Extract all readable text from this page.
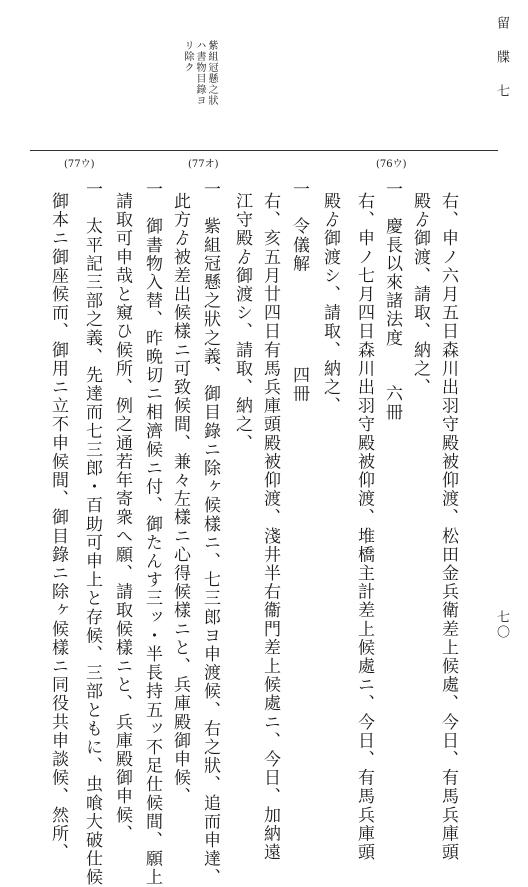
留　牒　七
七〇
紫組冠懸之狀
ハ書物目錄ヨ
リ除ク
(77ウ)	(77オ)	(76ウ)
右、申ノ六月五日森川出羽守殿被仰渡、松田金兵衛差上候處、今日、有馬兵庫頭
殿ゟ御渡、請取、納之、
一　慶長以來諸法度　　六冊
右、申ノ七月四日森川出羽守殿被仰渡、堆橋主計差上候處ニ、今日、有馬兵庫頭
殿ゟ御渡シ、請取、納之、
一　令儀解　　　　　四冊
右、亥五月廿四日有馬兵庫頭殿被仰渡、淺井半右衞門差上候處ニ、今日、加納遠
江守殿ゟ御渡シ、請取、納之、
一　紫組冠懸之狀之義、御目錄ニ除ヶ候樣ニ、七三郎ヨ申渡候、右之狀、追而申達、
此方ゟ被差出候樣ニ可致候間、兼々左樣ニ心得候樣ニと、兵庫殿御申候、
一　御書物入替、昨晩切ニ相濟候ニ付、御たんす三ッ・半長持五ッ不足仕候間、願上
請取可申哉と窺ひ候所、例之通若年寄衆へ願、請取候樣ニと、兵庫殿御申候、
一　太平記三部之義、先達而七三郎・百助可申上と存候、三部ともに、虫喰大破仕候
御本ニ御座候而、御用ニ立不申候間、御目錄ニ除ヶ候樣ニ同役共申談候、然所、
